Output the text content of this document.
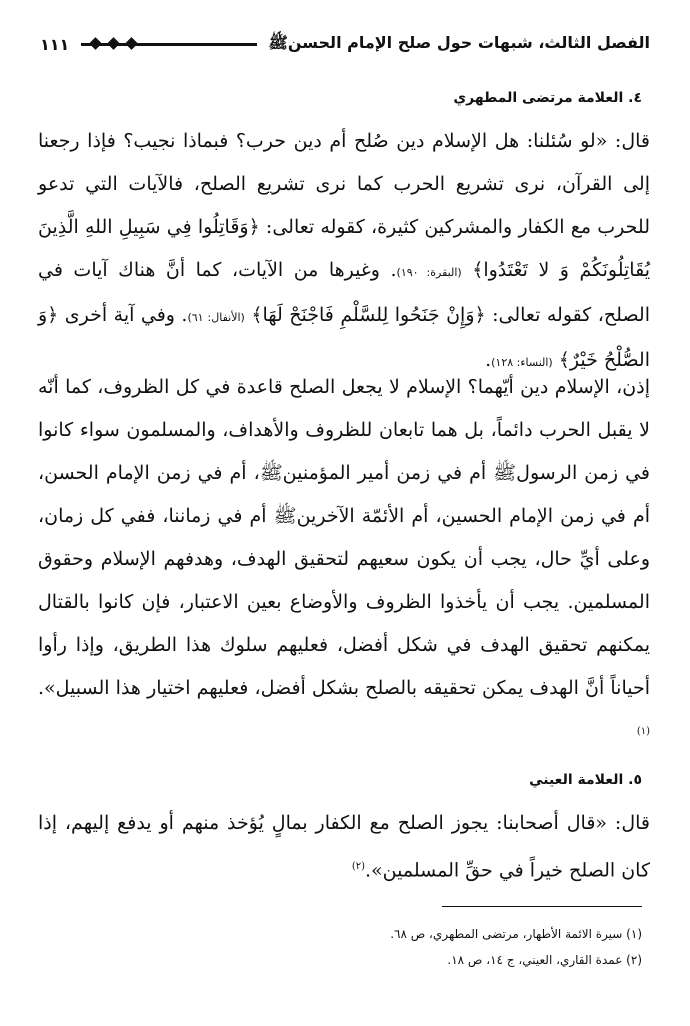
الفصل الثالث، شبهات حول صلح الإمام الحسنﷺ
١١١
٤. العلامة مرتضى المطهري
قال: «لو سُئلنا: هل الإسلام دين صُلح أم دين حرب؟ فبماذا نجيب؟ فإذا رجعنا إلى القرآن، نرى تشريع الحرب كما نرى تشريع الصلح، فالآيات التي تدعو للحرب مع الكفار والمشركين كثيرة، كقوله تعالى: ﴿وَقَاتِلُوا فِي سَبِيلِ اللهِ الَّذِينَ يُقَاتِلُونَكُمْ وَ لا تَعْتَدُوا﴾ (البقرة: ١٩٠). وغيرها من الآيات، كما أنَّ هناك آيات في الصلح، كقوله تعالى: ﴿وَإِنْ جَنَحُوا لِلسَّلْمِ فَاجْنَحْ لَهَا﴾ (الأنفال: ٦١). وفي آية أخرى ﴿وَ الصُّلْحُ خَيْرٌ﴾ (النساء: ١٢٨).
إذن، الإسلام دين أيّهما؟ الإسلام لا يجعل الصلح قاعدة في كل الظروف، كما أنّه لا يقبل الحرب دائماً، بل هما تابعان للظروف والأهداف، والمسلمون سواء كانوا في زمن الرسولﷺ أم في زمن أمير المؤمنينﷺ، أم في زمن الإمام الحسن، أم في زمن الإمام الحسين، أم الأئمّة الآخرينﷺ أم في زماننا، ففي كل زمان، وعلى أيِّ حال، يجب أن يكون سعيهم لتحقيق الهدف، وهدفهم الإسلام وحقوق المسلمين. يجب أن يأخذوا الظروف والأوضاع بعين الاعتبار، فإن كانوا بالقتال يمكنهم تحقيق الهدف في شكل أفضل، فعليهم سلوك هذا الطريق، وإذا رأوا أحياناً أنَّ الهدف يمكن تحقيقه بالصلح بشكل أفضل، فعليهم اختيار هذا السبيل».$^{(١)}$
٥. العلامة العيني
قال: «قال أصحابنا: يجوز الصلح مع الكفار بمالٍ يُؤخذ منهم أو يدفع إليهم، إذا كان الصلح خيراً في حقِّ المسلمين».$^{(٢)}$
(١) سيرة الائمة الأطهار، مرتضى المطهري، ص ٦٨.
(٢) عمدة القاري، العيني، ج ١٤، ص ١٨.
